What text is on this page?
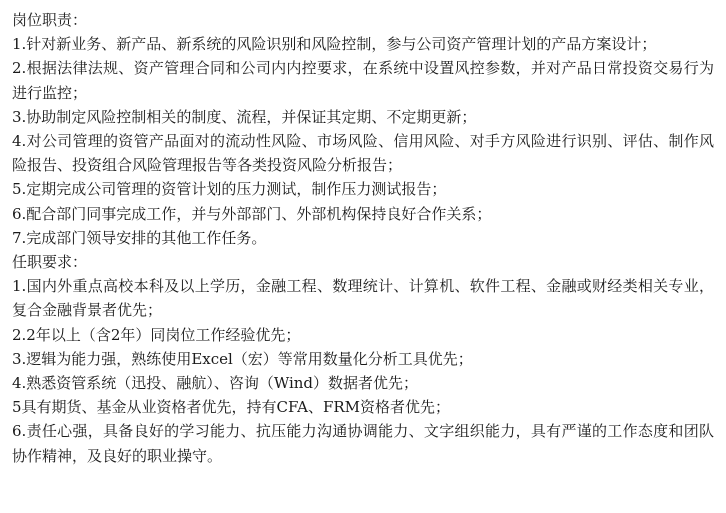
岗位职责：

1.针对新业务、新产品、新系统的风险识别和风险控制，参与公司资产管理计划的产品方案设计；

2.根据法律法规、资产管理合同和公司内内控要求，在系统中设置风控参数，并对产品日常投资交易行为进行监控；

3.协助制定风险控制相关的制度、流程，并保证其定期、不定期更新；

4.对公司管理的资管产品面对的流动性风险、市场风险、信用风险、对手方风险进行识别、评估、制作风险报告、投资组合风险管理报告等各类投资风险分析报告；

5.定期完成公司管理的资管计划的压力测试，制作压力测试报告；

6.配合部门同事完成工作，并与外部部门、外部机构保持良好合作关系；

7.完成部门领导安排的其他工作任务。

任职要求：

1.国内外重点高校本科及以上学历，金融工程、数理统计、计算机、软件工程、金融或财经类相关专业，复合金融背景者优先；

2.2年以上（含2年）同岗位工作经验优先；

3.逻辑为能力强，熟练使用Excel（宏）等常用数量化分析工具优先；

4.熟悉资管系统（迅投、融航）、咨询（Wind）数据者优先；

5具有期货、基金从业资格者优先，持有CFA、FRM资格者优先；

6.责任心强，具备良好的学习能力、抗压能力沟通协调能力、文字组织能力，具有严谨的工作态度和团队协作精神，及良好的职业操守。
